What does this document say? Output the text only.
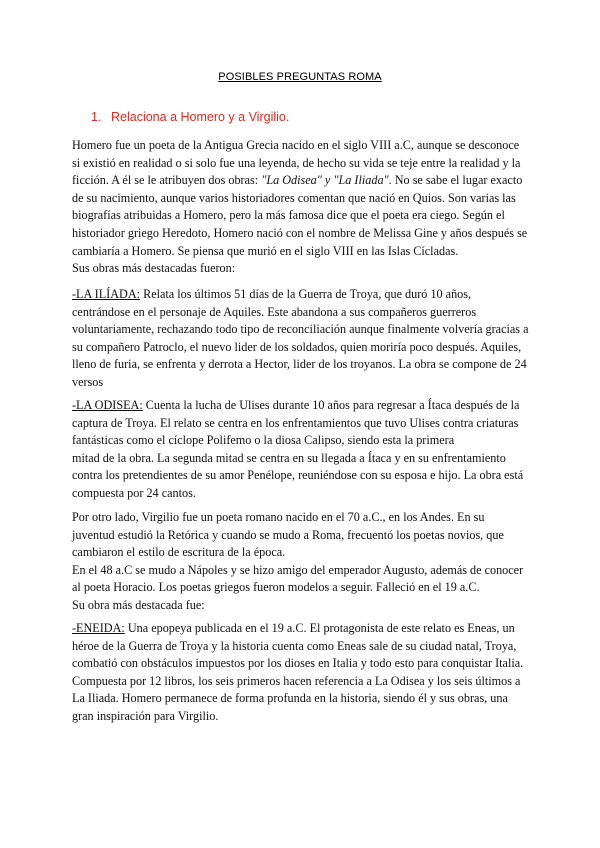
POSIBLES PREGUNTAS ROMA
1. Relaciona a Homero y a Virgilio.
Homero fue un poeta de la Antigua Grecia nacido en el siglo VIII a.C, aunque se desconoce
si existió en realidad o si solo fue una leyenda, de hecho su vida se teje entre la realidad y la
ficción. A él se le atribuyen dos obras: "La Odisea" y "La Iliada". No se sabe el lugar exacto
de su nacimiento, aunque varios historiadores comentan que nació en Quios. Son varias las
biografías atribuidas a Homero, pero la más famosa dice que el poeta era ciego. Según el
historiador griego Heredoto, Homero nació con el nombre de Melissa Gine y años después se
cambiaría a Homero. Se piensa que murió en el siglo VIII en las Islas Cícladas.
Sus obras más destacadas fueron:
-LA ILÍADA: Relata los últimos 51 días de la Guerra de Troya, que duró 10 años,
centrándose en el personaje de Aquiles. Este abandona a sus compañeros guerreros
voluntariamente, rechazando todo tipo de reconciliación aunque finalmente volvería gracias a
su compañero Patroclo, el nuevo lider de los soldados, quien moriría poco después. Aquiles,
lleno de furia, se enfrenta y derrota a Hector, lider de los troyanos. La obra se compone de 24
versos
-LA ODISEA: Cuenta la lucha de Ulises durante 10 años para regresar a Ítaca después de la
captura de Troya. El relato se centra en los enfrentamientos que tuvo Ulises contra criaturas
fantásticas como el cíclope Polifemo o la diosa Calipso, siendo esta la primera
mitad de la obra. La segunda mitad se centra en su llegada a Ítaca y en su enfrentamiento
contra los pretendientes de su amor Penélope, reuniéndose con su esposa e hijo. La obra está
compuesta por 24 cantos.
Por otro lado, Virgilio fue un poeta romano nacido en el 70 a.C., en los Andes. En su
juventud estudió la Retórica y cuando se mudo a Roma, frecuentó los poetas novios, que
cambiaron el estilo de escritura de la época.
En el 48 a.C se mudo a Nápoles y se hizo amigo del emperador Augusto, además de conocer
al poeta Horacio. Los poetas griegos fueron modelos a seguir. Falleció en el 19 a.C.
Su obra más destacada fue:
-ENEIDA: Una epopeya publicada en el 19 a.C. El protagonista de este relato es Eneas, un
héroe de la Guerra de Troya y la historia cuenta como Eneas sale de su ciudad natal, Troya,
combatió con obstáculos impuestos por los dioses en Italia y todo esto para conquistar Italia.
Compuesta por 12 libros, los seis primeros hacen referencia a La Odisea y los seis últimos a
La Iliada. Homero permanece de forma profunda en la historia, siendo él y sus obras, una
gran inspiración para Virgilio.
